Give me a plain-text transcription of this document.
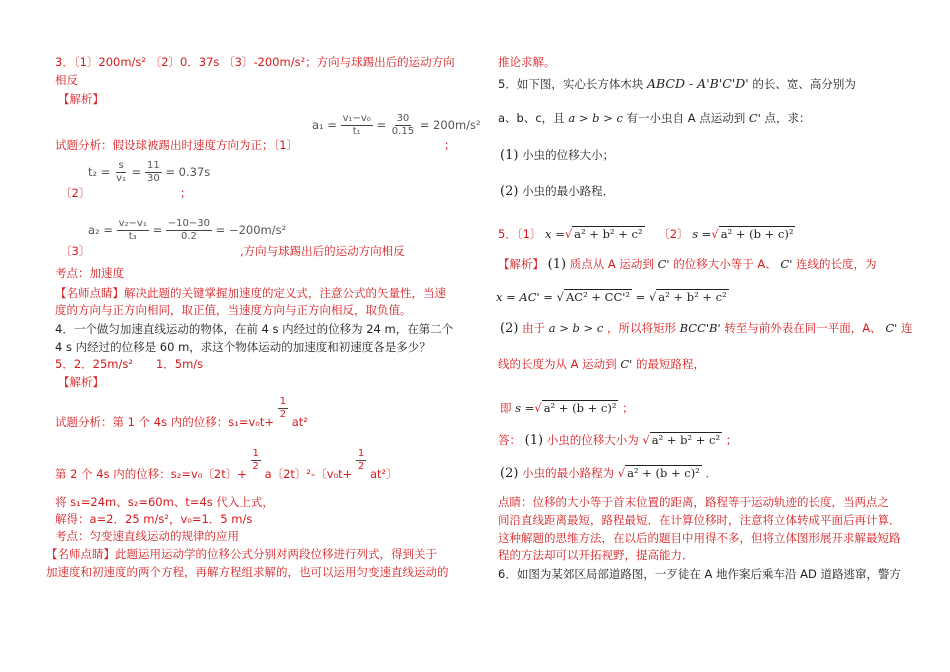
3．〔1〕200m/s² 〔2〕0．37s 〔3〕-200m/s²；方向与球踢出后的运动方向
相反
【解析】
$a_1 = \frac{\text{v₁−v₀}}{\text{t₁}} = \frac{30}{0.15} = 200m/s^2$
试题分析：假设球被踢出时速度方向为正；〔1〕	；
$t_2 = \frac{s}{\text{v₁}} = \frac{11}{30} = 0.37s$
〔2〕	；
$a_2 = \frac{\text{v₂−v₁}}{\text{t₃}} = \frac{-10-30}{0.2} = -200m/s^2$
〔3〕	,方向与球踢出后的运动方向相反
考点：加速度
【名师点睛】解决此题的关键掌握加速度的定义式，注意公式的矢量性，当速
度的方向与正方向相同，取正值，当速度方向与正方向相反，取负值。
4．一个做匀加速直线运动的物体，在前 4 s 内经过的位移为 24 m，在第二个
4 s 内经过的位移是 60 m，求这个物体运动的加速度和初速度各是多少？
5．2．25m/s²　　1．5m/s
【解析】
试题分析：第 1 个 4s 内的位移：s₁=v₀t+
$\frac{1}{2}$
at²
第 2 个 4s 内的位移：s₂=v₀〔2t〕+
$\frac{1}{2}$
a〔2t〕²-〔v₀t+
$\frac{1}{2}$
at²〕
将 s₁=24m、s₂=60m、t=4s 代入上式，
解得：a=2．25 m/s²，v₀=1．5 m/s
考点：匀变速直线运动的规律的应用
【名师点睛】此题运用运动学的位移公式分别对两段位移进行列式，得到关于
加速度和初速度的两个方程，再解方程组求解的，也可以运用匀变速直线运动的
推论求解。
5．如下图，实心长方体木块 ABCD - A'B'C'D' 的长、宽、高分别为
a、b、c，且 a > b > c 有一小虫自 A 点运动到 C' 点，求：
(1) 小虫的位移大小；
(2) 小虫的最小路程．
5．〔1〕 x =√ a² + b² + c² 〔2〕 s =√ a² + (b + c)²
【解析】 (1) 质点从 A 运动到 C' 的位移大小等于 A、 C' 连线的长度，为
x = AC' = √ AC² + CC'² = √ a² + b² + c²
(2) 由于 a > b > c ，所以将矩形 BCC'B' 转至与前外表在同一平面，A、 C' 连
线的长度为从 A 运动到 C' 的最短路程，
即 s =√ a² + (b + c)² ；
答： (1) 小虫的位移大小为 √ a² + b² + c² ；
(2) 小虫的最小路程为 √ a² + (b + c)² ．
点睛：位移的大小等于首末位置的距离，路程等于运动轨迹的长度，当两点之
间沿直线距离最短，路程最短．在计算位移时，注意将立体转成平面后再计算．
这种解题的思维方法，在以后的题目中用得不多，但将立体图形展开求解最短路
程的方法却可以开拓视野，提高能力．
6．如图为某郊区局部道路图，一歹徒在 A 地作案后乘车沿 AD 道路逃窜，警方
